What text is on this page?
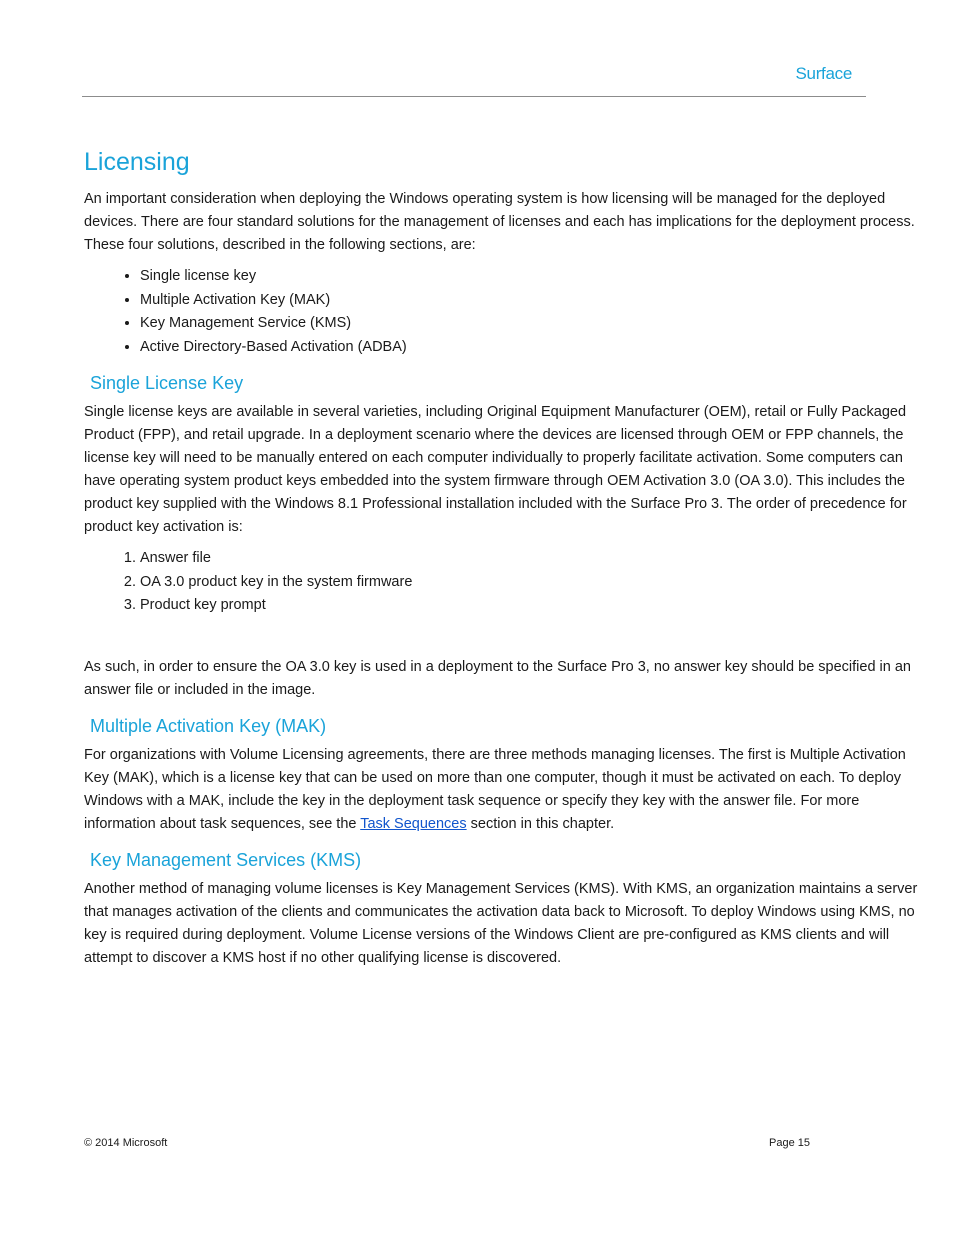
Surface
Licensing

An important consideration when deploying the Windows operating system is how licensing will be managed for the deployed devices. There are four standard solutions for the management of licenses and each has implications for the deployment process. These four solutions, described in the following sections, are:

• Single license key
• Multiple Activation Key (MAK)
• Key Management Service (KMS)
• Active Directory-Based Activation (ADBA)
Single License Key

Single license keys are available in several varieties, including Original Equipment Manufacturer (OEM), retail or Fully Packaged Product (FPP), and retail upgrade. In a deployment scenario where the devices are licensed through OEM or FPP channels, the license key will need to be manually entered on each computer individually to properly facilitate activation. Some computers can have operating system product keys embedded into the system firmware through OEM Activation 3.0 (OA 3.0). This includes the product key supplied with the Windows 8.1 Professional installation included with the Surface Pro 3. The order of precedence for product key activation is:

1. Answer file
2. OA 3.0 product key in the system firmware
3. Product key prompt

As such, in order to ensure the OA 3.0 key is used in a deployment to the Surface Pro 3, no answer key should be specified in an answer file or included in the image.

Multiple Activation Key (MAK)

For organizations with Volume Licensing agreements, there are three methods managing licenses. The first is Multiple Activation Key (MAK), which is a license key that can be used on more than one computer, though it must be activated on each. To deploy Windows with a MAK, include the key in the deployment task sequence or specify they key with the answer file. For more information about task sequences, see the Task Sequences section in this chapter.

Key Management Services (KMS)

Another method of managing volume licenses is Key Management Services (KMS). With KMS, an organization maintains a server that manages activation of the clients and communicates the activation data back to Microsoft. To deploy Windows using KMS, no key is required during deployment. Volume License versions of the Windows Client are pre-configured as KMS clients and will attempt to discover a KMS host if no other qualifying license is discovered.

© 2014 Microsoft	Page 15
